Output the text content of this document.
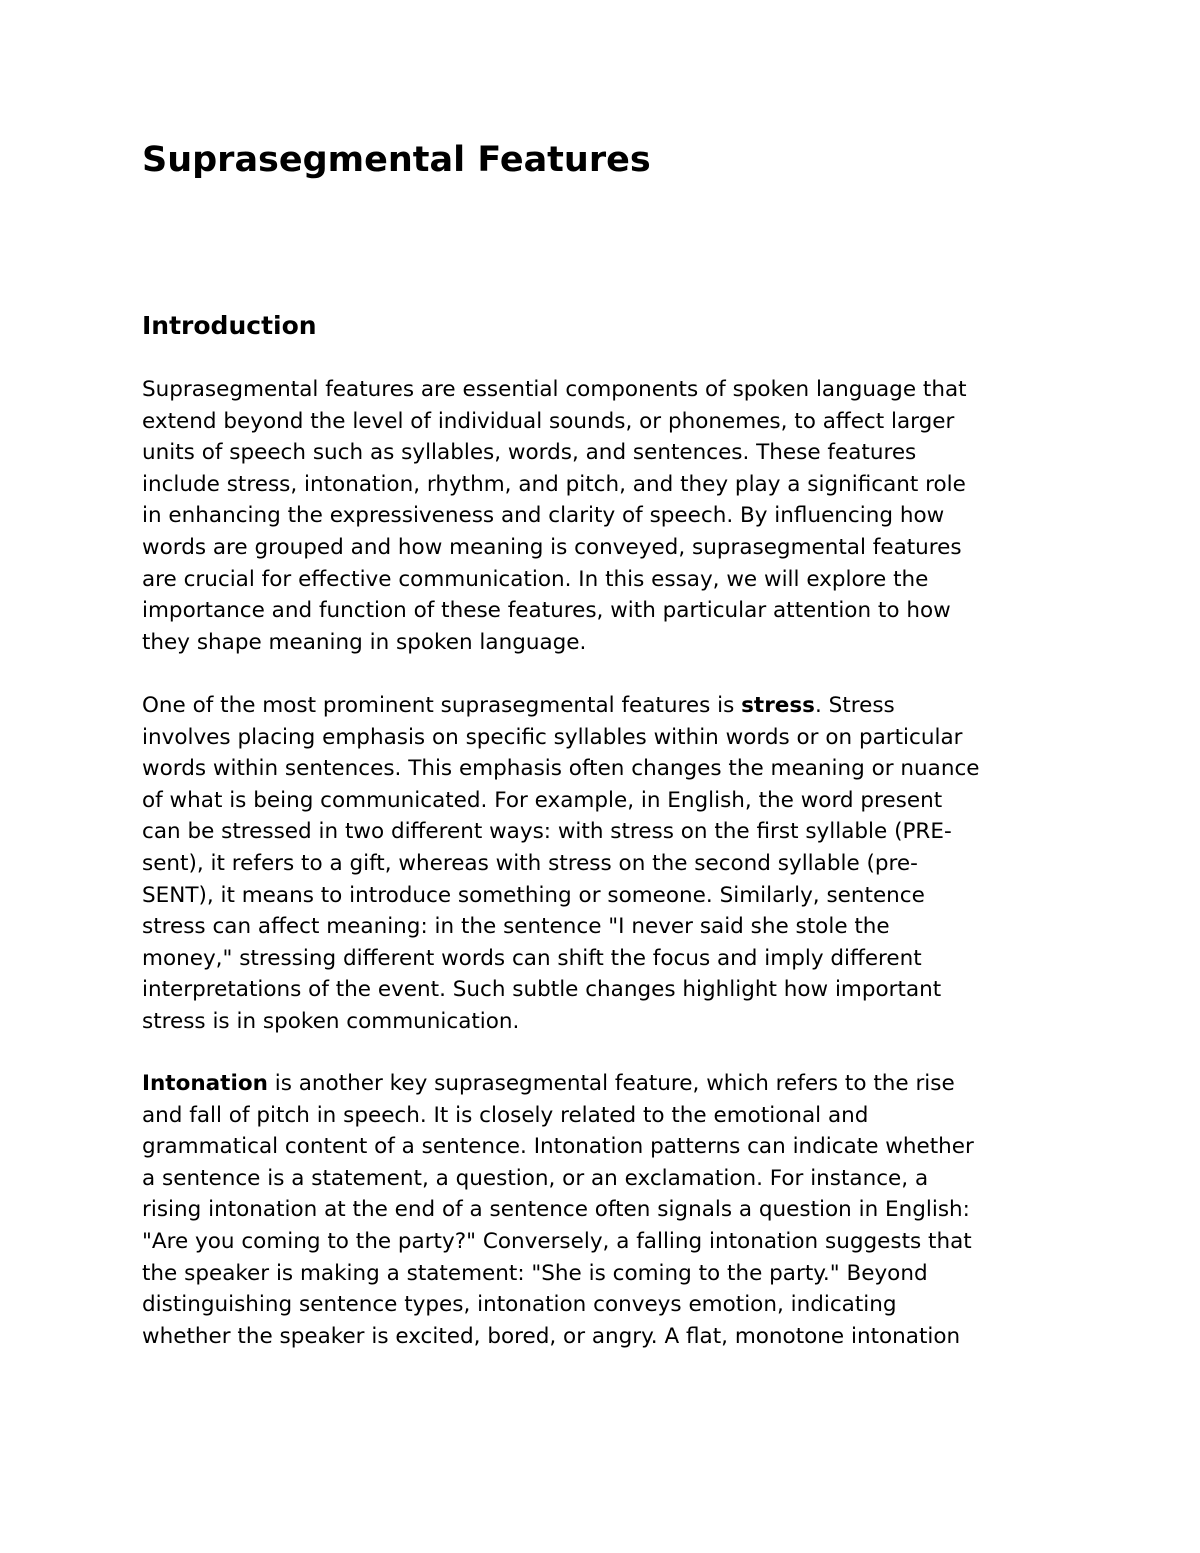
Suprasegmental Features
Introduction
Suprasegmental features are essential components of spoken language that
extend beyond the level of individual sounds, or phonemes, to affect larger
units of speech such as syllables, words, and sentences. These features
include stress, intonation, rhythm, and pitch, and they play a significant role
in enhancing the expressiveness and clarity of speech. By influencing how
words are grouped and how meaning is conveyed, suprasegmental features
are crucial for effective communication. In this essay, we will explore the
importance and function of these features, with particular attention to how
they shape meaning in spoken language.
One of the most prominent suprasegmental features is stress. Stress
involves placing emphasis on specific syllables within words or on particular
words within sentences. This emphasis often changes the meaning or nuance
of what is being communicated. For example, in English, the word present
can be stressed in two different ways: with stress on the first syllable (PRE-
sent), it refers to a gift, whereas with stress on the second syllable (pre-
SENT), it means to introduce something or someone. Similarly, sentence
stress can affect meaning: in the sentence "I never said she stole the
money," stressing different words can shift the focus and imply different
interpretations of the event. Such subtle changes highlight how important
stress is in spoken communication.
Intonation is another key suprasegmental feature, which refers to the rise
and fall of pitch in speech. It is closely related to the emotional and
grammatical content of a sentence. Intonation patterns can indicate whether
a sentence is a statement, a question, or an exclamation. For instance, a
rising intonation at the end of a sentence often signals a question in English:
"Are you coming to the party?" Conversely, a falling intonation suggests that
the speaker is making a statement: "She is coming to the party." Beyond
distinguishing sentence types, intonation conveys emotion, indicating
whether the speaker is excited, bored, or angry. A flat, monotone intonation
